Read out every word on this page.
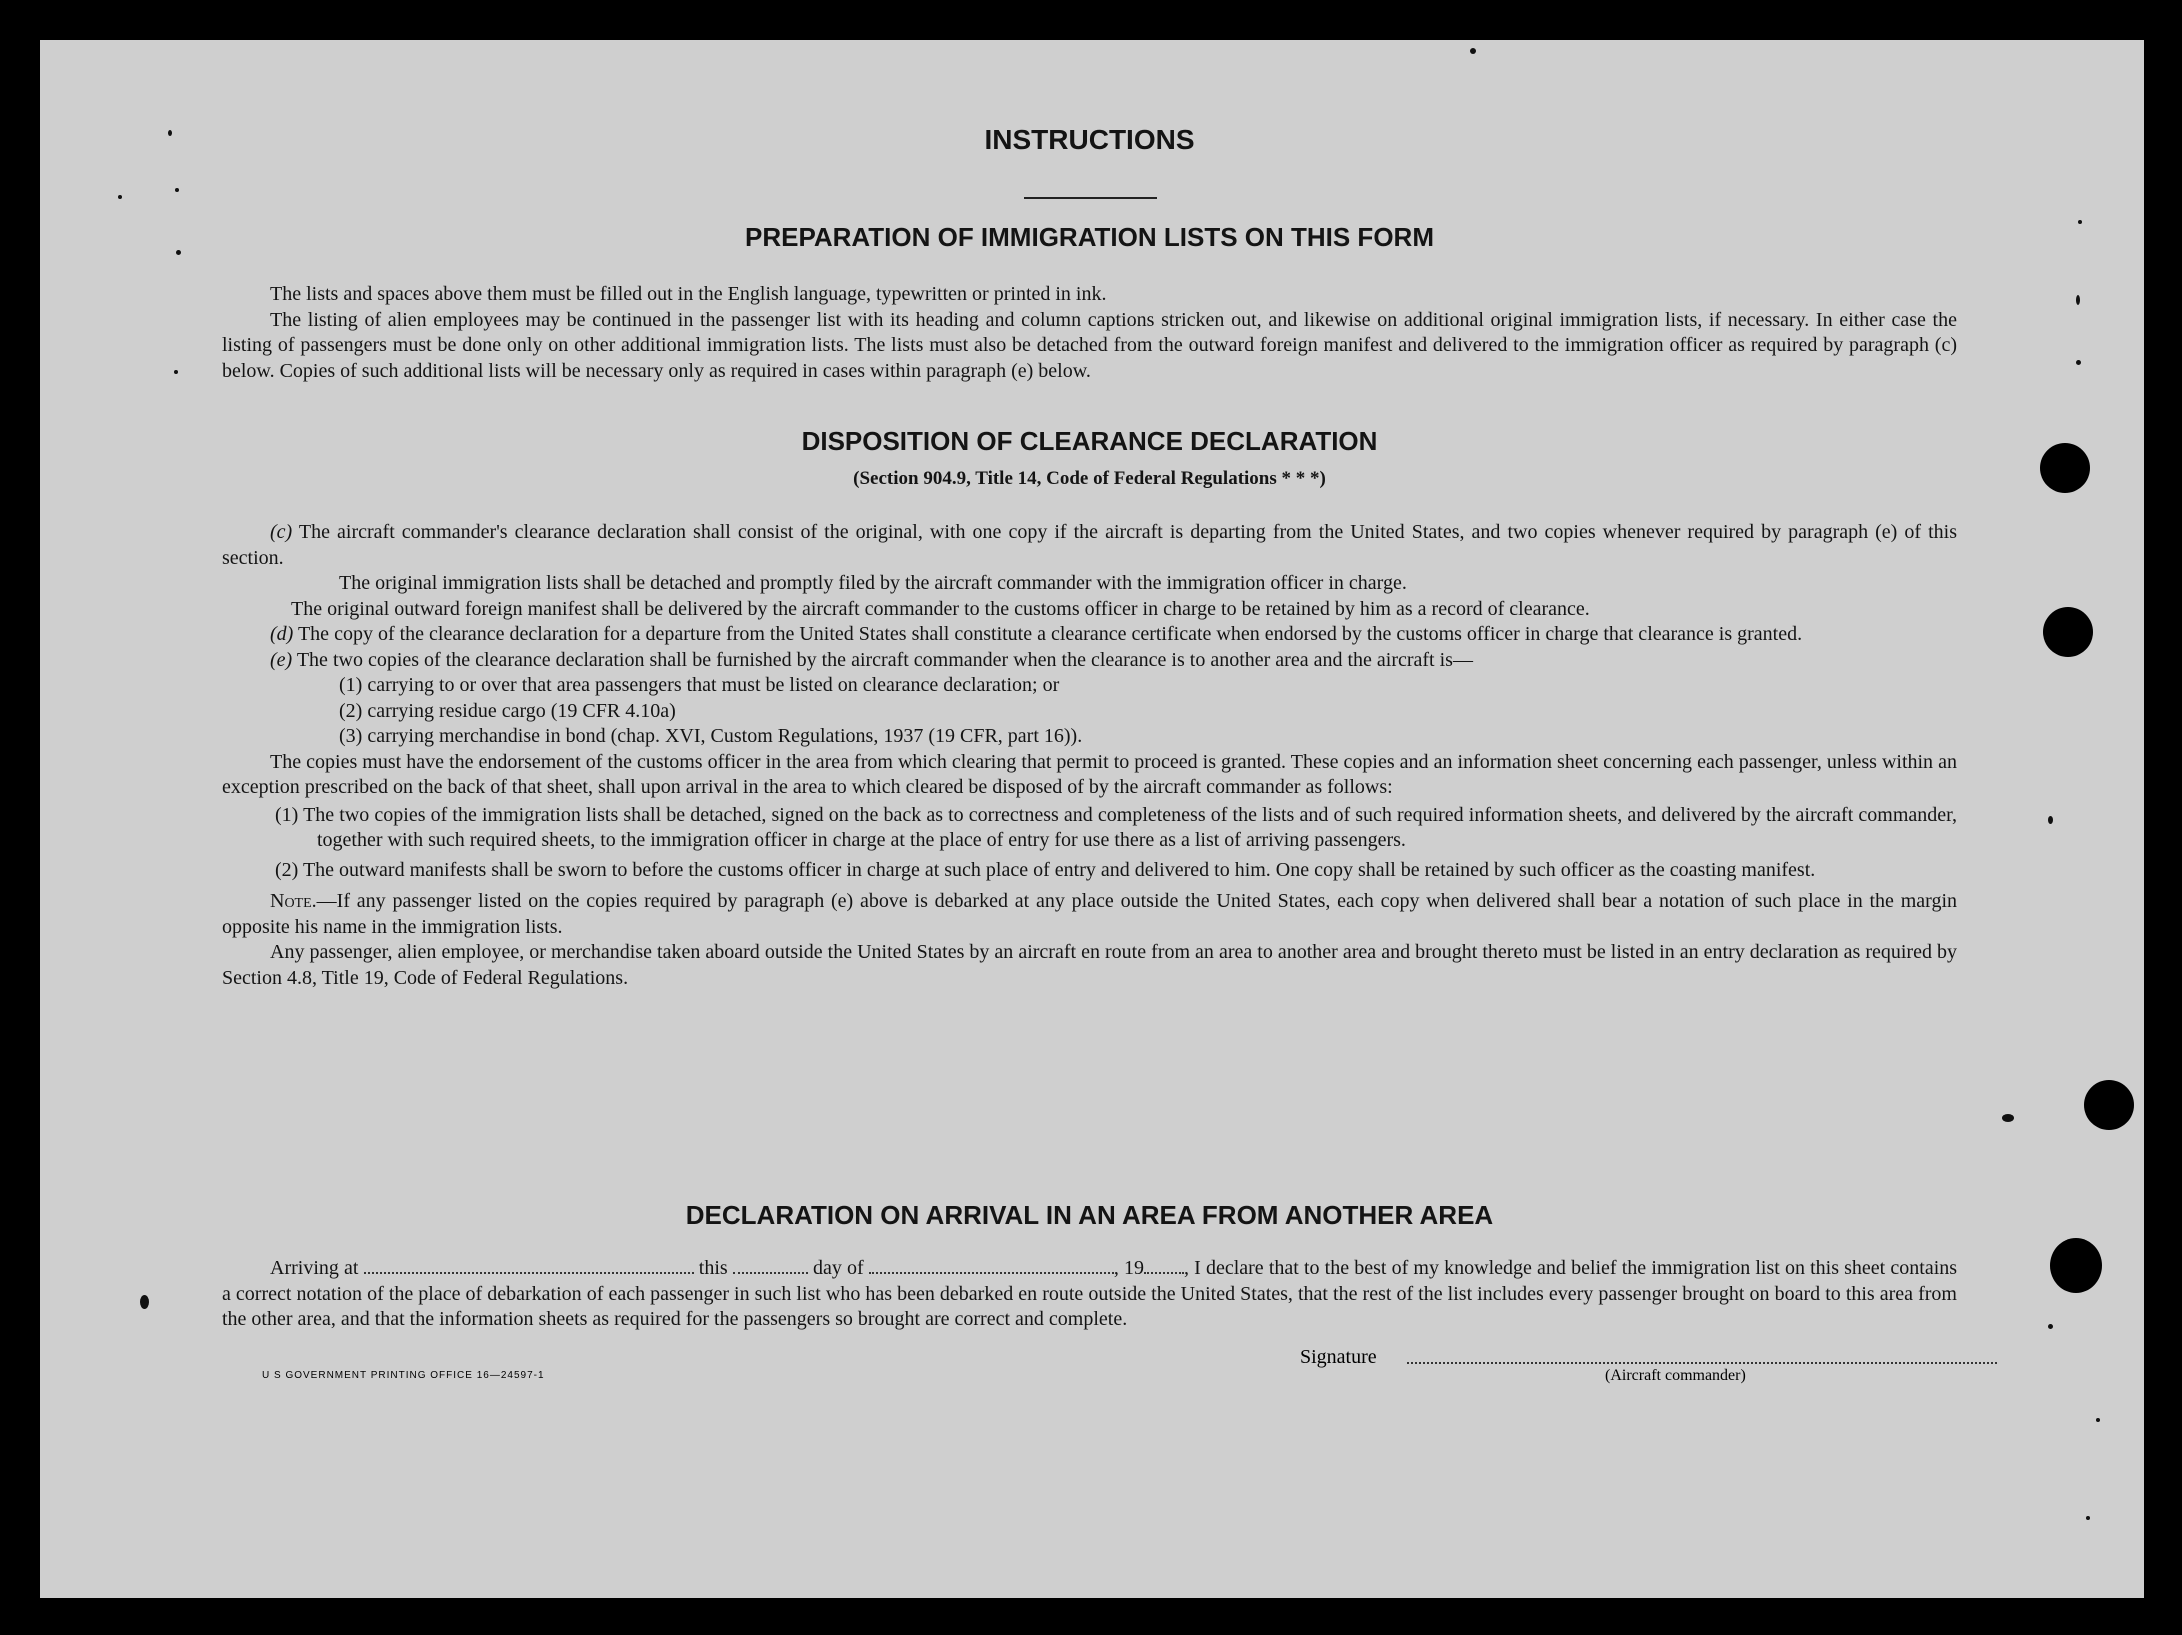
INSTRUCTIONS
PREPARATION OF IMMIGRATION LISTS ON THIS FORM

The lists and spaces above them must be filled out in the English language, typewritten or printed in ink.

The listing of alien employees may be continued in the passenger list with its heading and column captions stricken out, and likewise on additional original immigration lists, if necessary. In either case the listing of passengers must be done only on other additional immigration lists. The lists must also be detached from the outward foreign manifest and delivered to the immigration officer as required by paragraph (c) below. Copies of such additional lists will be necessary only as required in cases within paragraph (e) below.

DISPOSITION OF CLEARANCE DECLARATION
(Section 904.9, Title 14, Code of Federal Regulations * * *)

(c) The aircraft commander's clearance declaration shall consist of the original, with one copy if the aircraft is departing from the United States, and two copies whenever required by paragraph (e) of this section.

The original immigration lists shall be detached and promptly filed by the aircraft commander with the immigration officer in charge.

The original outward foreign manifest shall be delivered by the aircraft commander to the customs officer in charge to be retained by him as a record of clearance.

(d) The copy of the clearance declaration for a departure from the United States shall constitute a clearance certificate when endorsed by the customs officer in charge that clearance is granted.

(e) The two copies of the clearance declaration shall be furnished by the aircraft commander when the clearance is to another area and the aircraft is—

(1) carrying to or over that area passengers that must be listed on clearance declaration; or

(2) carrying residue cargo (19 CFR 4.10a)

(3) carrying merchandise in bond (chap. XVI, Custom Regulations, 1937 (19 CFR, part 16)).

The copies must have the endorsement of the customs officer in the area from which clearing that permit to proceed is granted. These copies and an information sheet concerning each passenger, unless within an exception prescribed on the back of that sheet, shall upon arrival in the area to which cleared be disposed of by the aircraft commander as follows:

(1) The two copies of the immigration lists shall be detached, signed on the back as to correctness and completeness of the lists and of such required information sheets, and delivered by the aircraft commander, together with such required sheets, to the immigration officer in charge at the place of entry for use there as a list of arriving passengers.

(2) The outward manifests shall be sworn to before the customs officer in charge at such place of entry and delivered to him. One copy shall be retained by such officer as the coasting manifest.

Note.—If any passenger listed on the copies required by paragraph (e) above is debarked at any place outside the United States, each copy when delivered shall bear a notation of such place in the margin opposite his name in the immigration lists.

Any passenger, alien employee, or merchandise taken aboard outside the United States by an aircraft en route from an area to another area and brought thereto must be listed in an entry declaration as required by Section 4.8, Title 19, Code of Federal Regulations.

DECLARATION ON ARRIVAL IN AN AREA FROM ANOTHER AREA

Arriving at	this	day of	, 19 , I declare that to the best of my knowledge and belief the immigration list on this sheet contains a correct notation of the place of debarkation of each passenger in such list who has been debarked en route outside the United States, that the rest of the list includes every passenger brought on board to this area from the other area, and that the information sheets as required for the passengers so brought are correct and complete.

U S GOVERNMENT PRINTING OFFICE 16—24597-1
Signature
(Aircraft commander)
